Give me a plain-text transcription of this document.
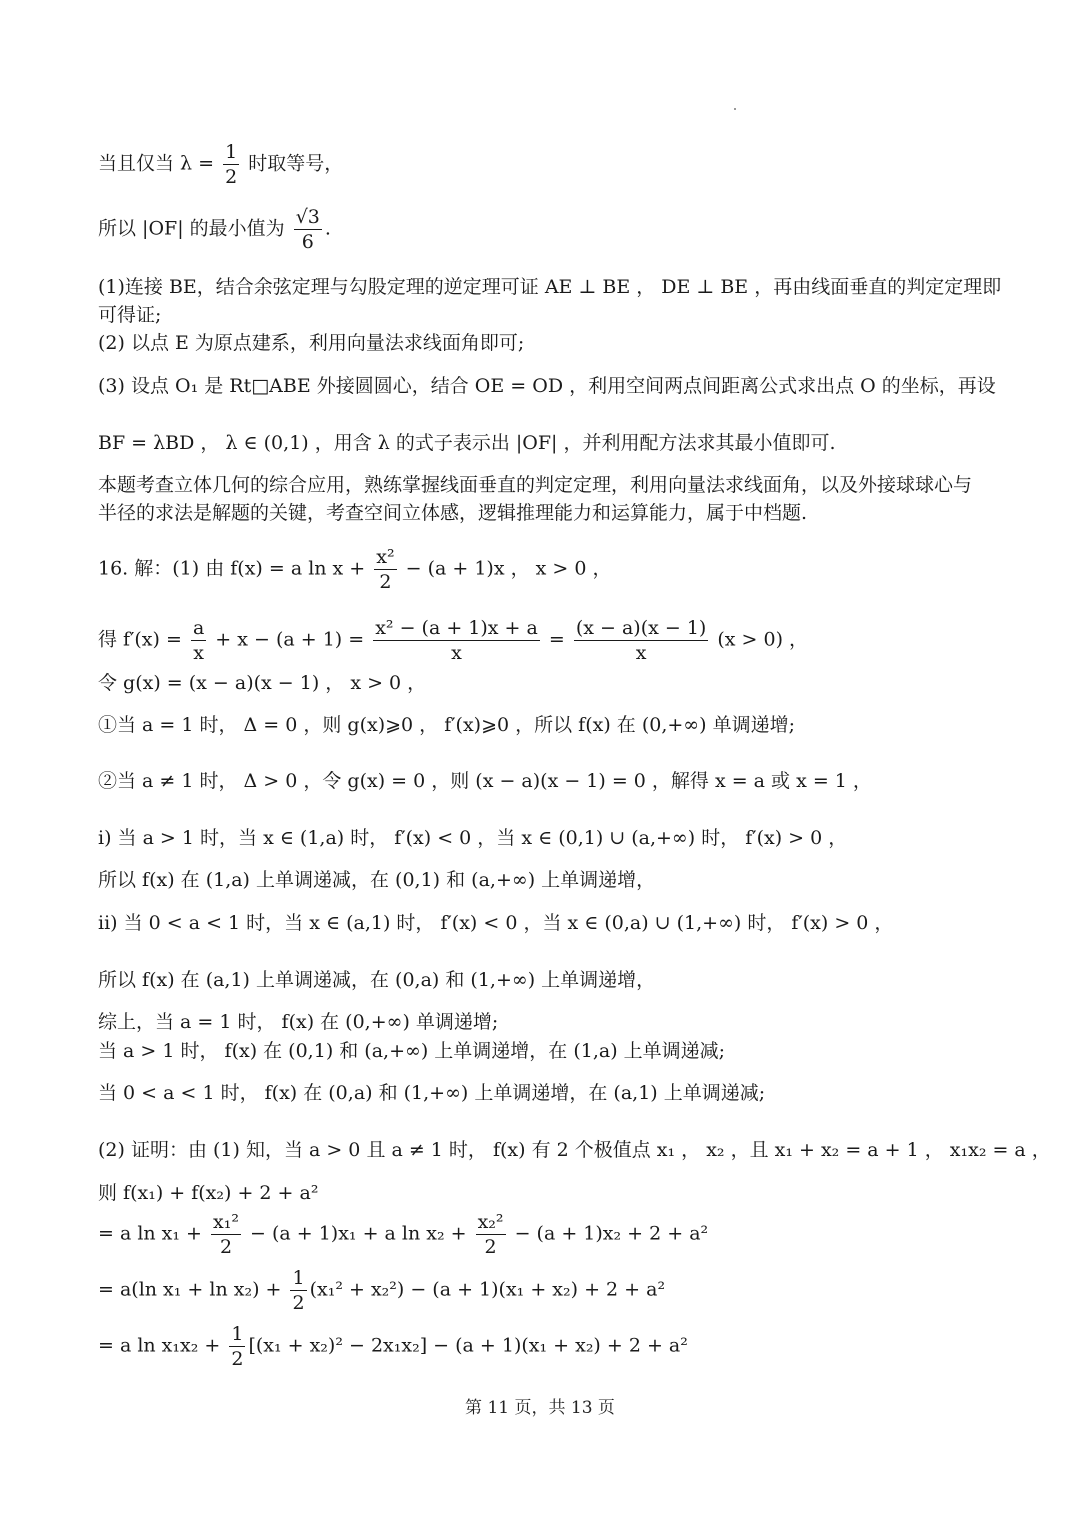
当且仅当 $\lambda = \frac{1}{2}$ 时取等号，
所以 |OF| 的最小值为 $\frac{√3}{6}$ .
(1)连接 BE，结合余弦定理与勾股定理的逆定理可证 AE ⊥ BE ， DE ⊥ BE ，再由线面垂直的判定定理即
可得证;
(2) 以点 E 为原点建系，利用向量法求线面角即可;
(3) 设点 O₁ 是 Rt□ABE 外接圆圆心，结合 OE = OD ，利用空间两点间距离公式求出点 O 的坐标，再设
BF = λBD ， λ ∈ (0,1) ，用含 λ 的式子表示出 |OF| ，并利用配方法求其最小值即可.
本题考查立体几何的综合应用，熟练掌握线面垂直的判定定理，利用向量法求线面角，以及外接球球心与
半径的求法是解题的关键，考查空间立体感，逻辑推理能力和运算能力，属于中档题.
16. 解：(1) 由 f(x) = a $\ln x + \frac{\text{x²}}{2} - (a + 1)x$ ， x > 0 ，
得 $f'(x) = \frac{a}{x} + x - (a + 1) = \frac{\text{x² − (a + 1)x + a}}{x} = \frac{(x - a)(x - 1)}{x} (x > 0)$ ，
令 g(x) = (x − a)(x − 1) ， x > 0 ，
①当 a = 1 时， Δ = 0 ，则 g(x)⩾0 ， f′(x)⩾0 ，所以 f(x) 在 (0,+∞) 单调递增;
②当 a ≠ 1 时， Δ > 0 ，令 g(x) = 0 ，则 (x − a)(x − 1) = 0 ，解得 x = a 或 x = 1 ，
i) 当 a > 1 时，当 x ∈ (1,a) 时， f′(x) < 0 ，当 x ∈ (0,1) ∪ (a,+∞) 时， f′(x) > 0 ，
所以 f(x) 在 (1,a) 上单调递减，在 (0,1) 和 (a,+∞) 上单调递增，
ii) 当 0 < a < 1 时，当 x ∈ (a,1) 时， f′(x) < 0 ，当 x ∈ (0,a) ∪ (1,+∞) 时， f′(x) > 0 ，
所以 f(x) 在 (a,1) 上单调递减，在 (0,a) 和 (1,+∞) 上单调递增，
综上，当 a = 1 时， f(x) 在 (0,+∞) 单调递增;
当 a > 1 时， f(x) 在 (0,1) 和 (a,+∞) 上单调递增，在 (1,a) 上单调递减;
当 0 < a < 1 时， f(x) 在 (0,a) 和 (1,+∞) 上单调递增，在 (a,1) 上单调递减;
(2) 证明：由 (1) 知，当 a > 0 且 a ≠ 1 时， f(x) 有 2 个极值点 x₁ ， x₂ ，且 x₁ + x₂ = a + 1 ， x₁x₂ = a ，
则 f(x₁) + f(x₂) + 2 + a²
= a $\ln x_1 + \frac{\text{x₁²}}{2} - (a + 1)x_1 + a$ $\ln x_2 + \frac{\text{x₂²}}{2} - (a + 1)x_2 + 2 + a^2$
= a(ln $x_1 + \ln x_2) + \frac{1}{2} (x_1^2 + x_2^2) - (a + 1)(x_1 + x_2) + 2 + a^2$
= a $\ln x_1x_2 + \frac{1}{2} [(x_1 + x_2)^2 - 2x_1x_2] - (a + 1)(x_1 + x_2) + 2 + a^2$
第 11 页，共 13 页
